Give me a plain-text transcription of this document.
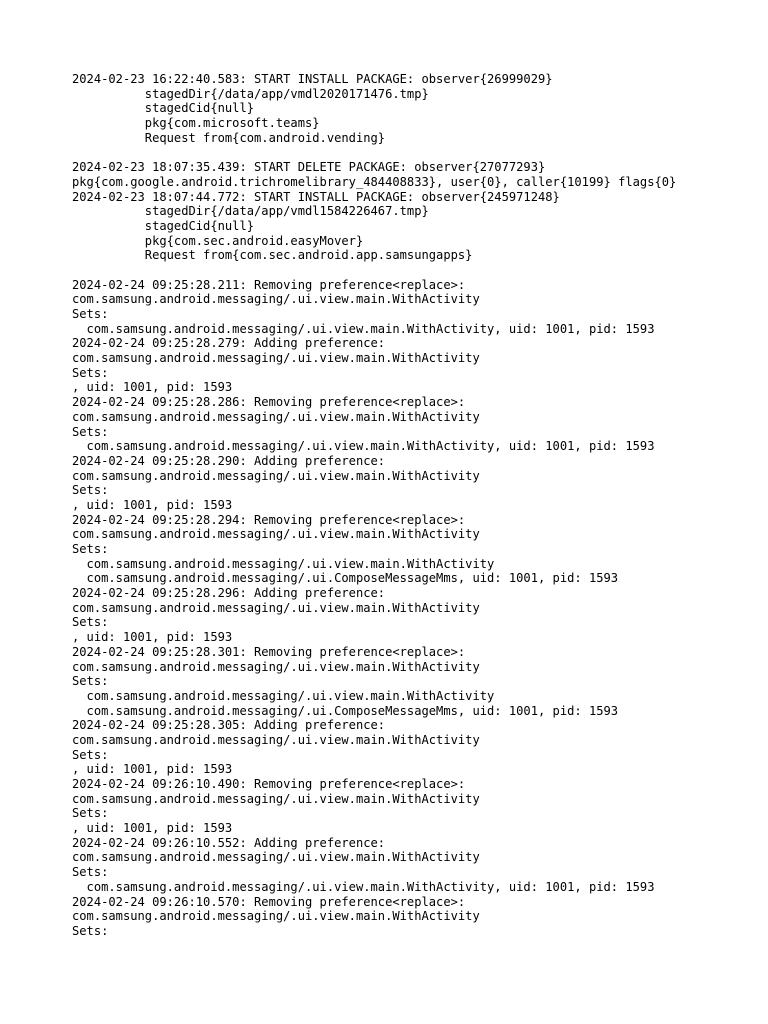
2024-02-23 16:22:40.583: START INSTALL PACKAGE: observer{26999029}
stagedDir{/data/app/vmdl2020171476.tmp}
stagedCid{null}
pkg{com.microsoft.teams}
Request from{com.android.vending}
2024-02-23 18:07:35.439: START DELETE PACKAGE: observer{27077293}
pkg{com.google.android.trichromelibrary_484408833}, user{0}, caller{10199} flags{0}
2024-02-23 18:07:44.772: START INSTALL PACKAGE: observer{245971248}
stagedDir{/data/app/vmdl1584226467.tmp}
stagedCid{null}
pkg{com.sec.android.easyMover}
Request from{com.sec.android.app.samsungapps}
2024-02-24 09:25:28.211: Removing preference<replace>:
com.samsung.android.messaging/.ui.view.main.WithActivity
Sets:
com.samsung.android.messaging/.ui.view.main.WithActivity, uid: 1001, pid: 1593
2024-02-24 09:25:28.279: Adding preference:
com.samsung.android.messaging/.ui.view.main.WithActivity
Sets:
, uid: 1001, pid: 1593
2024-02-24 09:25:28.286: Removing preference<replace>:
com.samsung.android.messaging/.ui.view.main.WithActivity
Sets:
com.samsung.android.messaging/.ui.view.main.WithActivity, uid: 1001, pid: 1593
2024-02-24 09:25:28.290: Adding preference:
com.samsung.android.messaging/.ui.view.main.WithActivity
Sets:
, uid: 1001, pid: 1593
2024-02-24 09:25:28.294: Removing preference<replace>:
com.samsung.android.messaging/.ui.view.main.WithActivity
Sets:
com.samsung.android.messaging/.ui.view.main.WithActivity
com.samsung.android.messaging/.ui.ComposeMessageMms, uid: 1001, pid: 1593
2024-02-24 09:25:28.296: Adding preference:
com.samsung.android.messaging/.ui.view.main.WithActivity
Sets:
, uid: 1001, pid: 1593
2024-02-24 09:25:28.301: Removing preference<replace>:
com.samsung.android.messaging/.ui.view.main.WithActivity
Sets:
com.samsung.android.messaging/.ui.view.main.WithActivity
com.samsung.android.messaging/.ui.ComposeMessageMms, uid: 1001, pid: 1593
2024-02-24 09:25:28.305: Adding preference:
com.samsung.android.messaging/.ui.view.main.WithActivity
Sets:
, uid: 1001, pid: 1593
2024-02-24 09:26:10.490: Removing preference<replace>:
com.samsung.android.messaging/.ui.view.main.WithActivity
Sets:
, uid: 1001, pid: 1593
2024-02-24 09:26:10.552: Adding preference:
com.samsung.android.messaging/.ui.view.main.WithActivity
Sets:
com.samsung.android.messaging/.ui.view.main.WithActivity, uid: 1001, pid: 1593
2024-02-24 09:26:10.570: Removing preference<replace>:
com.samsung.android.messaging/.ui.view.main.WithActivity
Sets:
